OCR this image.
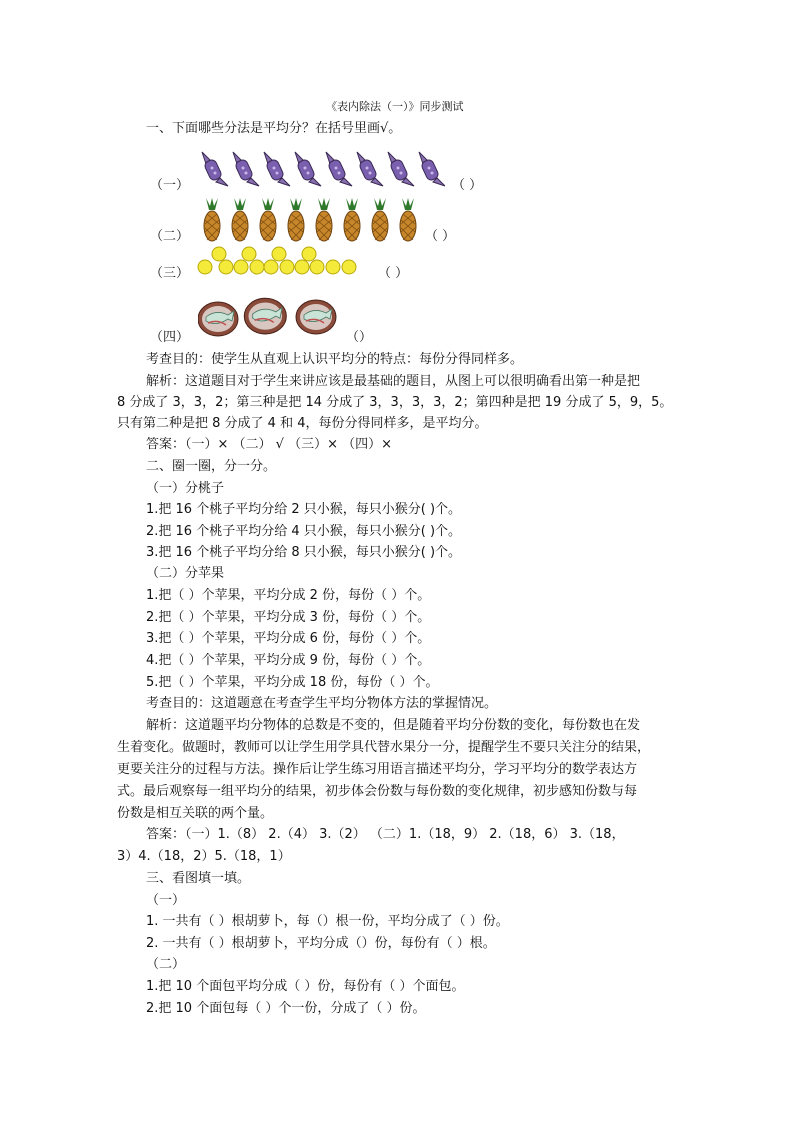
《表内除法（一）》同步测试
一、下面哪些分法是平均分？在括号里画√。
（一）	（ ）
（二）	（ ）
（三）	（ ）
（四）	（）
考查目的：使学生从直观上认识平均分的特点：每份分得同样多。
解析：这道题目对于学生来讲应该是最基础的题目，从图上可以很明确看出第一种是把
8 分成了 3，3，2；第三种是把 14 分成了 3，3，3，3，2；第四种是把 19 分成了 5，9，5。
只有第二种是把 8 分成了 4 和 4，每份分得同样多，是平均分。
答案：（一）× （二） √ （三）× （四）×
二、圈一圈，分一分。
（一）分桃子
1.把 16 个桃子平均分给 2 只小猴，每只小猴分( )个。
2.把 16 个桃子平均分给 4 只小猴，每只小猴分( )个。
3.把 16 个桃子平均分给 8 只小猴，每只小猴分( )个。
（二）分苹果
1.把（ ）个苹果，平均分成 2 份，每份（ ）个。
2.把（ ）个苹果，平均分成 3 份，每份（ ）个。
3.把（ ）个苹果，平均分成 6 份，每份（ ）个。
4.把（ ）个苹果，平均分成 9 份，每份（ ）个。
5.把（ ）个苹果，平均分成 18 份，每份（ ）个。
考查目的：这道题意在考查学生平均分物体方法的掌握情况。
解析：这道题平均分物体的总数是不变的，但是随着平均分份数的变化，每份数也在发
生着变化。做题时，教师可以让学生用学具代替水果分一分，提醒学生不要只关注分的结果，
更要关注分的过程与方法。操作后让学生练习用语言描述平均分，学习平均分的数学表达方
式。最后观察每一组平均分的结果，初步体会份数与每份数的变化规律，初步感知份数与每
份数是相互关联的两个量。
答案：（一）1.（8） 2.（4） 3.（2） （二）1.（18，9） 2.（18，6） 3.（18，
3）4.（18，2）5.（18，1）
三、看图填一填。
（一）
1. 一共有（ ）根胡萝卜，每（）根一份，平均分成了（ ）份。
2. 一共有（ ）根胡萝卜，平均分成（）份，每份有（ ）根。
（二）
1.把 10 个面包平均分成（ ）份，每份有（ ）个面包。
2.把 10 个面包每（ ）个一份，分成了（ ）份。
